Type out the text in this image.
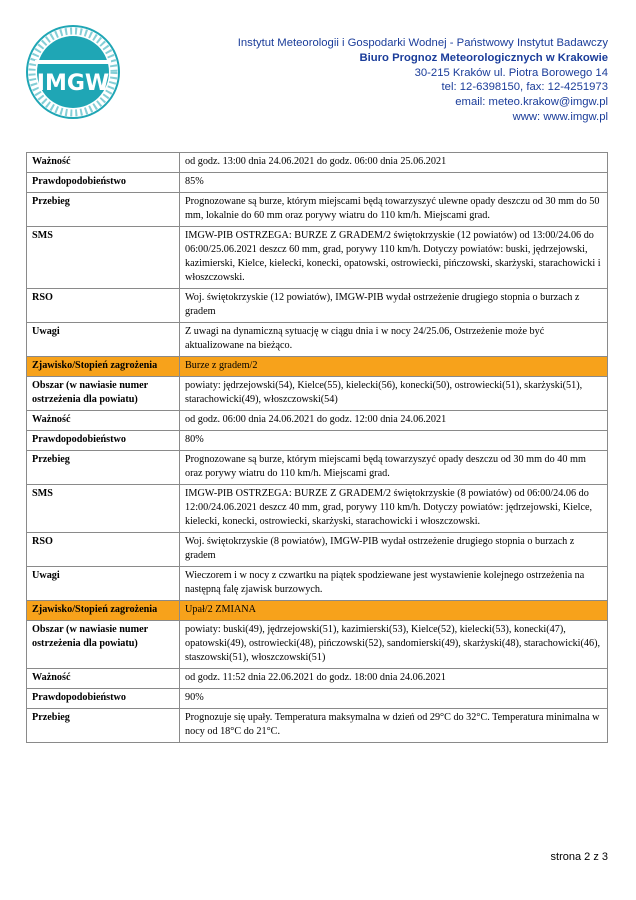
IMGW
Instytut Meteorologii i Gospodarki Wodnej - Państwowy Instytut Badawczy
Biuro Prognoz Meteorologicznych w Krakowie
30-215 Kraków ul. Piotra Borowego 14
tel: 12-6398150, fax: 12-4251973
email: meteo.krakow@imgw.pl
www: www.imgw.pl
Ważność	od godz. 13:00 dnia 24.06.2021 do godz. 06:00 dnia 25.06.2021
Prawdopodobieństwo	85%
Przebieg	Prognozowane są burze, którym miejscami będą towarzyszyć ulewne opady deszczu od 30 mm do 50 mm, lokalnie do 60 mm oraz porywy wiatru do 110 km/h. Miejscami grad.
SMS	IMGW-PIB OSTRZEGA: BURZE Z GRADEM/2 świętokrzyskie (12 powiatów) od 13:00/24.06 do 06:00/25.06.2021 deszcz 60 mm, grad, porywy 110 km/h. Dotyczy powiatów: buski, jędrzejowski, kazimierski, Kielce, kielecki, konecki, opatowski, ostrowiecki, pińczowski, skarżyski, starachowicki i włoszczowski.
RSO	Woj. świętokrzyskie (12 powiatów), IMGW-PIB wydał ostrzeżenie drugiego stopnia o burzach z gradem
Uwagi	Z uwagi na dynamiczną sytuację w ciągu dnia i w nocy 24/25.06, Ostrzeżenie może być aktualizowane na bieżąco.
Zjawisko/Stopień zagrożenia	Burze z gradem/2
Obszar (w nawiasie numer ostrzeżenia dla powiatu)	powiaty: jędrzejowski(54), Kielce(55), kielecki(56), konecki(50), ostrowiecki(51), skarżyski(51), starachowicki(49), włoszczowski(54)
Ważność	od godz. 06:00 dnia 24.06.2021 do godz. 12:00 dnia 24.06.2021
Prawdopodobieństwo	80%
Przebieg	Prognozowane są burze, którym miejscami będą towarzyszyć opady deszczu od 30 mm do 40 mm oraz porywy wiatru do 110 km/h. Miejscami grad.
SMS	IMGW-PIB OSTRZEGA: BURZE Z GRADEM/2 świętokrzyskie (8 powiatów) od 06:00/24.06 do 12:00/24.06.2021 deszcz 40 mm, grad, porywy 110 km/h. Dotyczy powiatów: jędrzejowski, Kielce, kielecki, konecki, ostrowiecki, skarżyski, starachowicki i włoszczowski.
RSO	Woj. świętokrzyskie (8 powiatów), IMGW-PIB wydał ostrzeżenie drugiego stopnia o burzach z gradem
Uwagi	Wieczorem i w nocy z czwartku na piątek spodziewane jest wystawienie kolejnego ostrzeżenia na następną falę zjawisk burzowych.
Zjawisko/Stopień zagrożenia	Upał/2 ZMIANA
Obszar (w nawiasie numer ostrzeżenia dla powiatu)	powiaty: buski(49), jędrzejowski(51), kazimierski(53), Kielce(52), kielecki(53), konecki(47), opatowski(49), ostrowiecki(48), pińczowski(52), sandomierski(49), skarżyski(48), starachowicki(46), staszowski(51), włoszczowski(51)
Ważność	od godz. 11:52 dnia 22.06.2021 do godz. 18:00 dnia 24.06.2021
Prawdopodobieństwo	90%
Przebieg	Prognozuje się upały. Temperatura maksymalna w dzień od 29°C do 32°C. Temperatura minimalna w nocy od 18°C do 21°C.
strona 2 z 3
